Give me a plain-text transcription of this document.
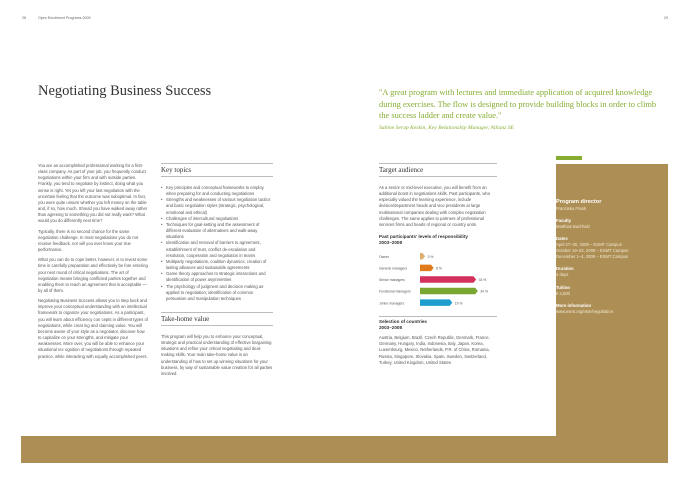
28	Open Enrollment Programs 2009	29
Negotiating Business Success	"A great program with lectures and immediate application of acquired knowledge during exercises. The flow is designed to provide building blocks in order to climb the success ladder and create value."
Sabine Serap Keskin, Key Relationship Manager, Allianz SE

You are an accomplished professional working for a first-class company. As part of your job, you frequently conduct negotiations within your firm and with outside parties. Frankly, you tend to negotiate by instinct, doing what you sense is right. Yet you left your last negotiation with the uncertain feeling that the outcome was suboptimal. In fact, you were quite unsure whether you left money on the table and, if so, how much. Should you have walked away rather than agreeing to something you did not really want? What would you do differently next time?

Typically, there is no second chance for the same negotiation challenge. In most negotiations you do not receive feedback, nor will you ever know your true performance.

What you can do to cope better, however, is to invest some time in carefully preparation and effectively be fore entering your next round of critical negotiations. The art of negotiation means bringing conflicted parties together and enabling them to reach an agreement that is acceptable — by all of them.

Negotiating Business Success allows you to step back and improve your conceptual understanding with an intellectual framework to organize your negotiations. As a participant, you will learn about efficiency con cepts in different types of negotiations, while creat ing and claiming value. You will become aware of your style as a negotiator, discover how to capitalize on your strengths, and mitigate your weaknesses. More over, you will be able to enhance your situational rec ognition of negotiations through repeated practice, while interacting with equally accomplished peers.

Key topics
• Key principles and conceptual frameworks to employ when preparing for and conducting negotiations
• Strengths and weaknesses of various negotiation tactics and basic negotiation styles (strategic, psychological, emotional and ethical)
• Challenges of intercultural negotiations
• Techniques for goal-setting and the assessment of different evaluation of alternatives and walk-away situations
• Identification and removal of barriers to agreement, establishment of trust, conflict de-escalation and resolution, cooperation and negotiation in teams
• Multiparty negotiations, coalition dynamics, creation of lasting alliances and sustainable agreements
• Game theory approaches to strategic interactions and identification of power asymmetries
• The psychology of judgment and decision making as applied to negotiation; identification of common persuasion and manipulation techniques
Take-home value

This program will help you to enhance your conceptual, strategic and practical understanding of effective bargaining situations and refine your critical negotiating and deal-making skills. Your main take-home value is an understanding of how to set up winning situations for your business, by way of sustainable value creation for all parties involved.

Target audience

As a senior or mid-level executive, you will benefit from an additional boost in negotiations skills. Past participants, who especially valued the learning experience, include division/department heads and vice presidents at large multinational companies dealing with complex negotiation challenges. The same applies to partners of professional services firms and heads of regional or country units.

Past participants' levels of responsibility
2003–2008
Owner	3 %
General managers	8 %
Senior managers	33 %
Functional managers	34 %
Junior managers	19 %
Selection of countries
2003–2008

Austria, Belgium, Brazil, Czech Republic, Denmark, France, Germany, Hungary, India, Indonesia, Italy, Japan, Korea, Luxembourg, Mexico, Netherlands, P.R. of China, Romania, Russia, Singapore, Slovakia, Spain, Sweden, Switzerland, Turkey, United Kingdom, United States

Program director
Franziska Frank
Faculty
Matthias Buchholz
Dates
April 27–30, 2009 – ESMT Campus
October 19–22, 2009 – ESMT Campus
December 1–4, 2009 – ESMT Campus
Duration
4 days
Tuition
€ 4,500
More information
www.esmt.org/nsm/negotiation
